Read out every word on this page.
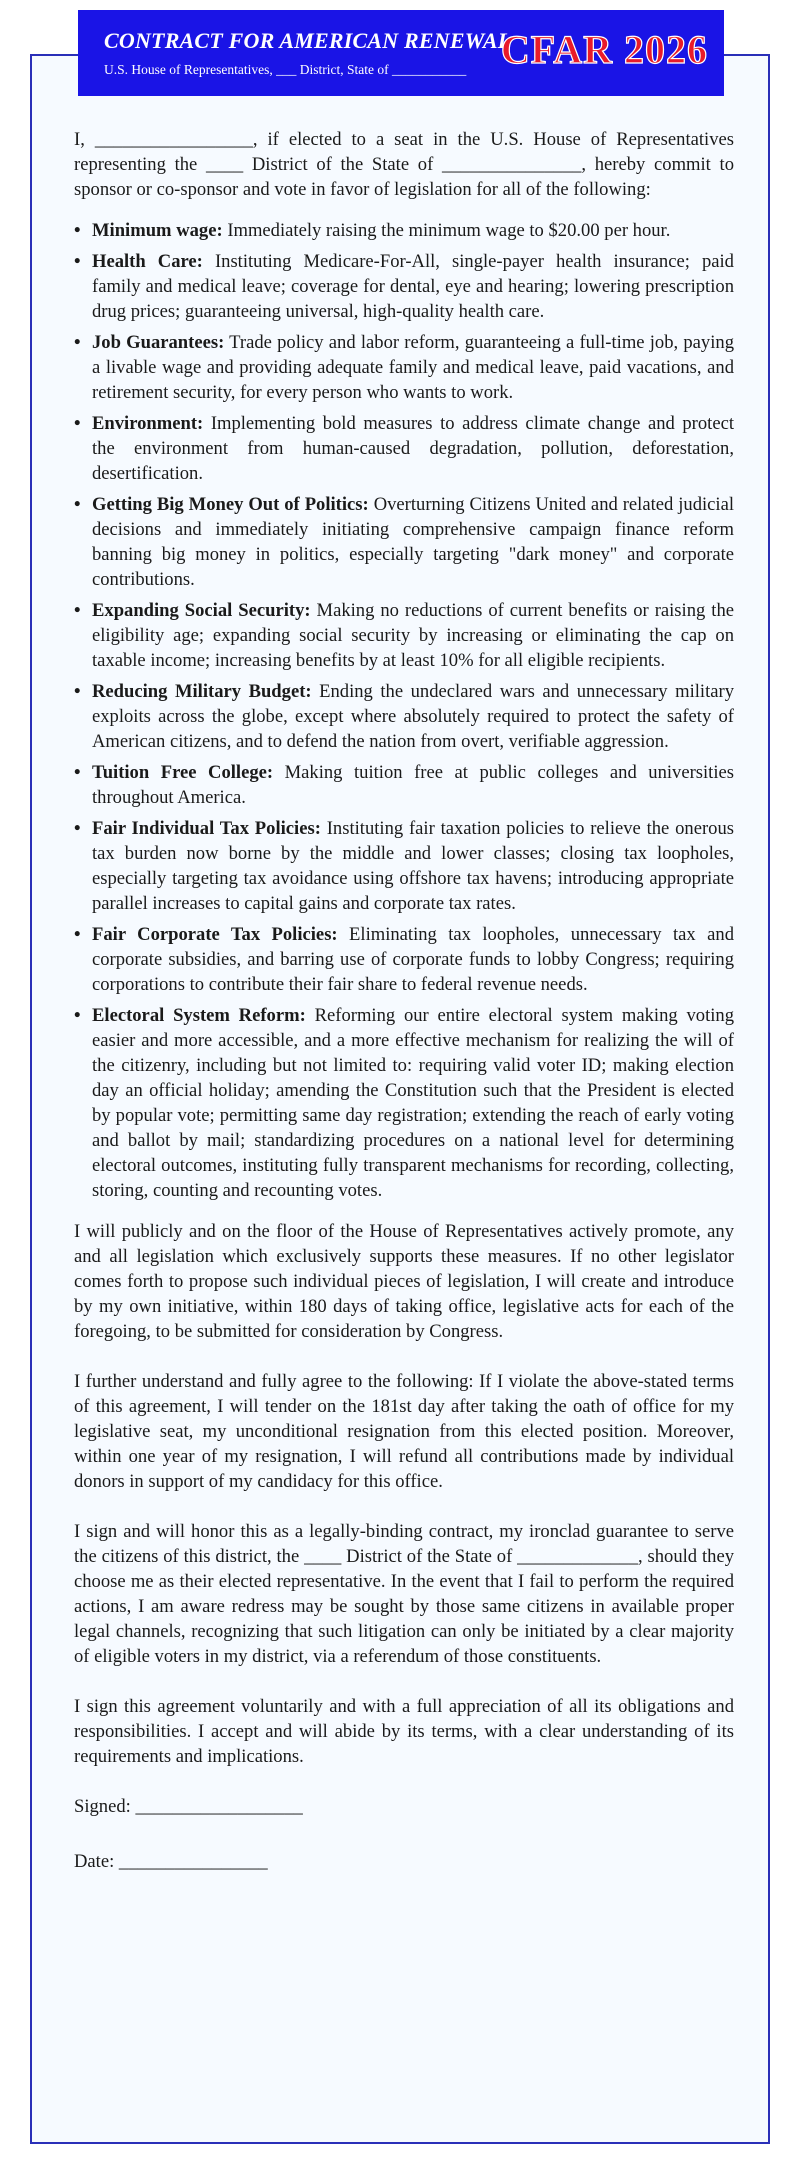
CONTRACT FOR AMERICAN RENEWAL
U.S. House of Representatives, ___ District, State of ___________ CFAR 2026

I, _________________, if elected to a seat in the U.S. House of Representatives representing the ____ District of the State of _______________, hereby commit to sponsor or co-sponsor and vote in favor of legislation for all of the following:

• Minimum wage: Immediately raising the minimum wage to $20.00 per hour.
• Health Care: Instituting Medicare-For-All, single-payer health insurance; paid family and medical leave; coverage for dental, eye and hearing; lowering prescription drug prices; guaranteeing universal, high-quality health care.
• Job Guarantees: Trade policy and labor reform, guaranteeing a full-time job, paying a livable wage and providing adequate family and medical leave, paid vacations, and retirement security, for every person who wants to work.
• Environment: Implementing bold measures to address climate change and protect the environment from human-caused degradation, pollution, deforestation, desertification.
• Getting Big Money Out of Politics: Overturning Citizens United and related judicial decisions and immediately initiating comprehensive campaign finance reform banning big money in politics, especially targeting "dark money" and corporate contributions.
• Expanding Social Security: Making no reductions of current benefits or raising the eligibility age; expanding social security by increasing or eliminating the cap on taxable income; increasing benefits by at least 10% for all eligible recipients.
• Reducing Military Budget: Ending the undeclared wars and unnecessary military exploits across the globe, except where absolutely required to protect the safety of American citizens, and to defend the nation from overt, verifiable aggression.
• Tuition Free College: Making tuition free at public colleges and universities throughout America.
• Fair Individual Tax Policies: Instituting fair taxation policies to relieve the onerous tax burden now borne by the middle and lower classes; closing tax loopholes, especially targeting tax avoidance using offshore tax havens; introducing appropriate parallel increases to capital gains and corporate tax rates.
• Fair Corporate Tax Policies: Eliminating tax loopholes, unnecessary tax and corporate subsidies, and barring use of corporate funds to lobby Congress; requiring corporations to contribute their fair share to federal revenue needs.
• Electoral System Reform: Reforming our entire electoral system making voting easier and more accessible, and a more effective mechanism for realizing the will of the citizenry, including but not limited to: requiring valid voter ID; making election day an official holiday; amending the Constitution such that the President is elected by popular vote; permitting same day registration; extending the reach of early voting and ballot by mail; standardizing procedures on a national level for determining electoral outcomes, instituting fully transparent mechanisms for recording, collecting, storing, counting and recounting votes.

I will publicly and on the floor of the House of Representatives actively promote, any and all legislation which exclusively supports these measures. If no other legislator comes forth to propose such individual pieces of legislation, I will create and introduce by my own initiative, within 180 days of taking office, legislative acts for each of the foregoing, to be submitted for consideration by Congress.

I further understand and fully agree to the following: If I violate the above-stated terms of this agreement, I will tender on the 181st day after taking the oath of office for my legislative seat, my unconditional resignation from this elected position. Moreover, within one year of my resignation, I will refund all contributions made by individual donors in support of my candidacy for this office.

I sign and will honor this as a legally-binding contract, my ironclad guarantee to serve the citizens of this district, the ____ District of the State of _____________, should they choose me as their elected representative. In the event that I fail to perform the required actions, I am aware redress may be sought by those same citizens in available proper legal channels, recognizing that such litigation can only be initiated by a clear majority of eligible voters in my district, via a referendum of those constituents.

I sign this agreement voluntarily and with a full appreciation of all its obligations and responsibilities. I accept and will abide by its terms, with a clear understanding of its requirements and implications.

Signed: __________________

Date: ________________
